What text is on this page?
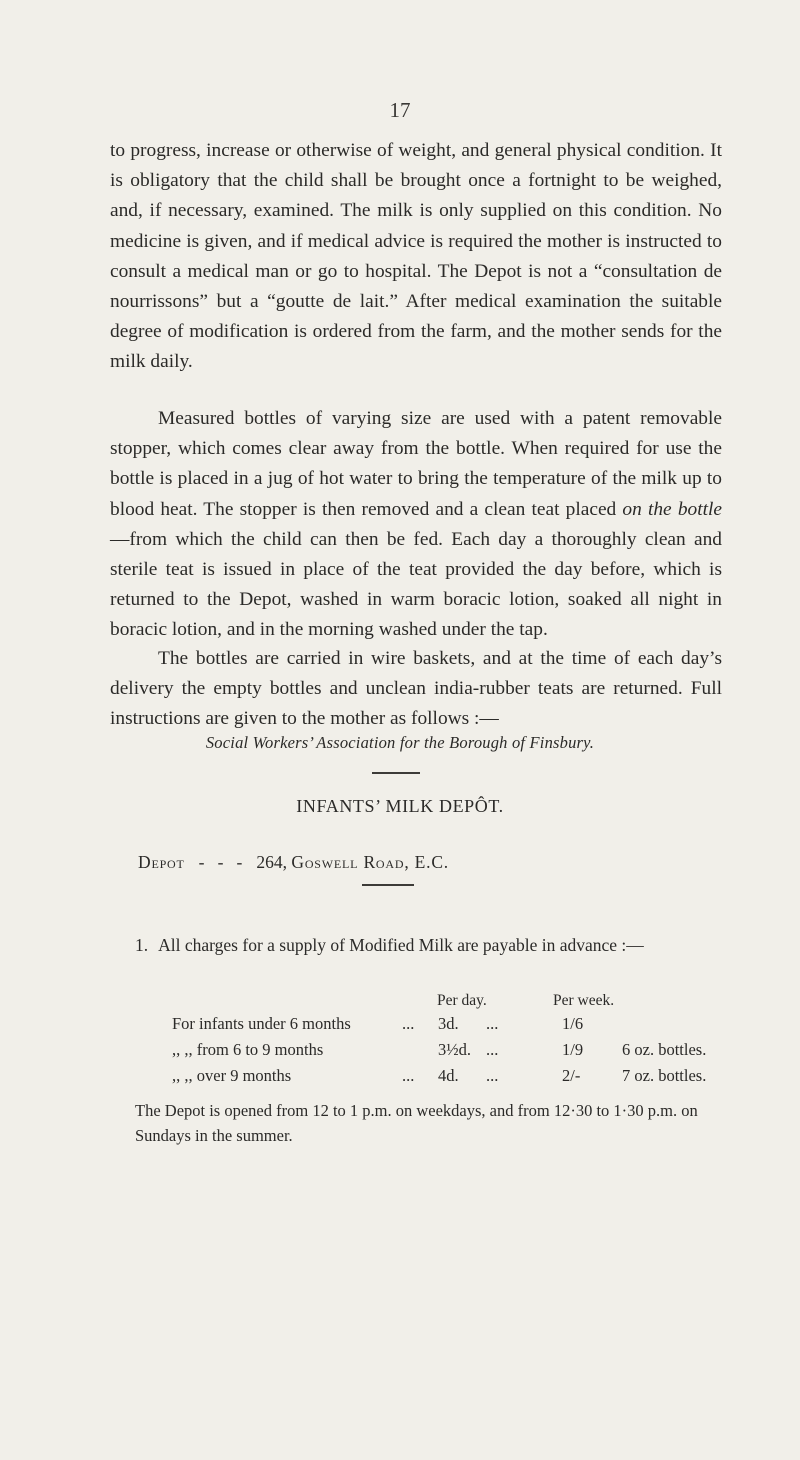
17

to progress, increase or otherwise of weight, and general physical condition. It is obligatory that the child shall be brought once a fortnight to be weighed, and, if necessary, examined. The milk is only supplied on this condition. No medicine is given, and if medical advice is required the mother is instructed to consult a medical man or go to hospital. The Depot is not a “consultation de nourrissons” but a “goutte de lait.” After medical examination the suitable degree of modification is ordered from the farm, and the mother sends for the milk daily.

Measured bottles of varying size are used with a patent removable stopper, which comes clear away from the bottle. When required for use the bottle is placed in a jug of hot water to bring the temperature of the milk up to blood heat. The stopper is then removed and a clean teat placed on the bottle—from which the child can then be fed. Each day a thoroughly clean and sterile teat is issued in place of the teat provided the day before, which is returned to the Depot, washed in warm boracic lotion, soaked all night in boracic lotion, and in the morning washed under the tap.

The bottles are carried in wire baskets, and at the time of each day’s delivery the empty bottles and unclean india-rubber teats are returned. Full instructions are given to the mother as follows :—

Social Workers’ Association for the Borough of Finsbury.

INFANTS’ MILK DEPÔT.

Depot -   -   - 264, Goswell Road, E.C.
1. All charges for a supply of Modified Milk are payable in advance :—
Per day.	Per week.
For infants under 6 months	... 3d. ...	1/6
,, ,, from 6 to 9 months	3½d. ...	1/9 6 oz. bottles.
,, ,, over 9 months	... 4d. ...	2/-	7 oz. bottles.

The Depot is opened from 12 to 1 p.m. on weekdays, and from 12·30 to 1·30 p.m. on Sundays in the summer.
